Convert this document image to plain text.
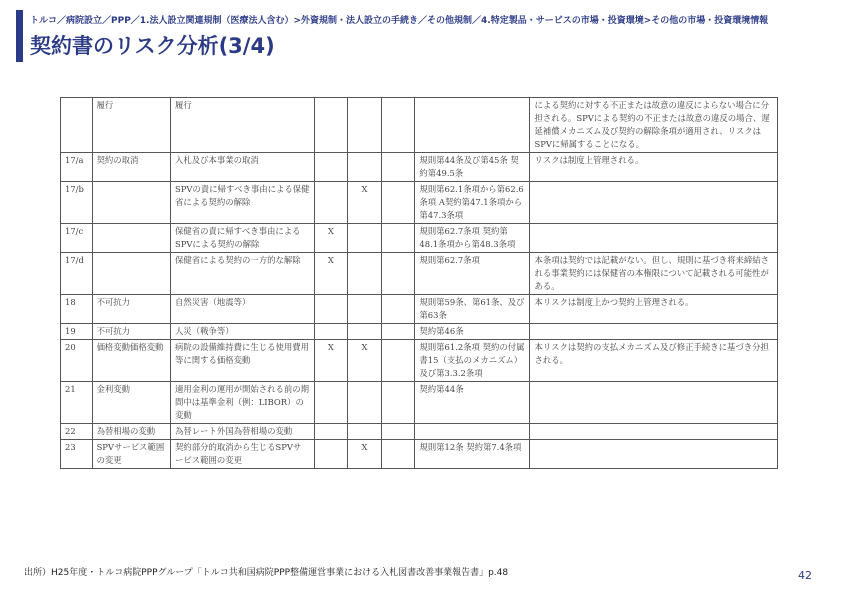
トルコ／病院設立／PPP／1.法人設立関連規制（医療法人含む）>外資規制・法人設立の手続き／その他規制／4.特定製品・サービスの市場・投資環境>その他の市場・投資環境情報
契約書のリスク分析(3/4)
	履行	履行					による契約に対する不正または故意の違反によらない場合に分担される。SPVによる契約の不正または故意の違反の場合、遅延補償メカニズム及び契約の解除条項が適用され、リスクはSPVに帰属することになる。
17/a	契約の取消	入札及び本事業の取消				規則第44条及び第45条 契約第49.5条	リスクは制度上管理される。
17/b		SPVの責に帰すべき事由による保健省による契約の解除		X		規則第62.1条項から第62.6条項 A契約第47.1条項から第47.3条項	
17/c		保健省の責に帰すべき事由によるSPVによる契約の解除	X			規則第62.7条項 契約第48.1条項から第48.3条項	
17/d		保健省による契約の一方的な解除	X			規則第62.7条項	本条項は契約では記載がない。但し、規則に基づき将来締結される事業契約には保健省の本権限について記載される可能性がある。
18	不可抗力	自然災害（地震等）				規則第59条、第61条、及び第63条	本リスクは制度上かつ契約上管理される。
19	不可抗力	人災（戦争等）				契約第46条	
20	価格変動価格変動	病院の設備維持費に生じる使用費用等に関する価格変動	X	X		規則第61.2条項 契約の付属書15（支払のメカニズム）及び第3.3.2条項	本リスクは契約の支払メカニズム及び修正手続きに基づき分担される。
21	金利変動	適用金利の運用が開始される前の期間中は基準金利（例：LIBOR）の変動				契約第44条	
22	為替相場の変動	為替レート外国為替相場の変動					
23	SPVサービス範囲の変更	契約部分的取消から生じるSPVサービス範囲の変更		X		規則第12条 契約第7.4条項	
出所）H25年度・トルコ病院PPPグループ「トルコ共和国病院PPP整備運営事業における入札図書改善事業報告書」p.48	42
